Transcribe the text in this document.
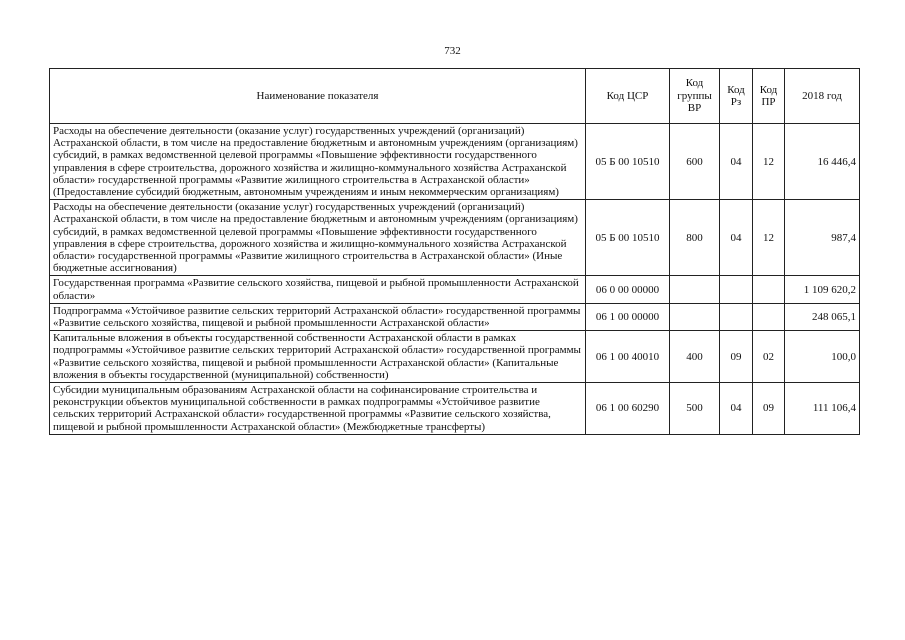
732
Наименование показателя	Код ЦСР	Код группы ВР	Код Рз	Код ПР	2018 год
Расходы на обеспечение деятельности (оказание услуг) государственных учреждений (организаций) Астраханской области, в том числе на предоставление бюджетным и автономным учреждениям (организациям) субсидий, в рамках ведомственной целевой программы «Повышение эффективности государственного управления в сфере строительства, дорожного хозяйства и жилищно-коммунального хозяйства Астраханской области» государственной программы «Развитие жилищного строительства в Астраханской области» (Предоставление субсидий бюджетным, автономным учреждениям и иным некоммерческим организациям)	05 Б 00 10510	600	04	12	16 446,4
Расходы на обеспечение деятельности (оказание услуг) государственных учреждений (организаций) Астраханской области, в том числе на предоставление бюджетным и автономным учреждениям (организациям) субсидий, в рамках ведомственной целевой программы «Повышение эффективности государственного управления в сфере строительства, дорожного хозяйства и жилищно-коммунального хозяйства Астраханской области» государственной программы «Развитие жилищного строительства в Астраханской области» (Иные бюджетные ассигнования)	05 Б 00 10510	800	04	12	987,4
Государственная программа «Развитие сельского хозяйства, пищевой и рыбной промышленности Астраханской области»	06 0 00 00000				1 109 620,2
Подпрограмма «Устойчивое развитие сельских территорий Астраханской области» государственной программы «Развитие сельского хозяйства, пищевой и рыбной промышленности Астраханской области»	06 1 00 00000				248 065,1
Капитальные вложения в объекты государственной собственности Астраханской области в рамках подпрограммы «Устойчивое развитие сельских территорий Астраханской области» государственной программы «Развитие сельского хозяйства, пищевой и рыбной промышленности Астраханской области» (Капитальные вложения в объекты государственной (муниципальной) собственности)	06 1 00 40010	400	09	02	100,0
Субсидии муниципальным образованиям Астраханской области на софинансирование строительства и реконструкции объектов муниципальной собственности в рамках подпрограммы «Устойчивое развитие сельских территорий Астраханской области» государственной программы «Развитие сельского хозяйства, пищевой и рыбной промышленности Астраханской области» (Межбюджетные трансферты)	06 1 00 60290	500	04	09	111 106,4
